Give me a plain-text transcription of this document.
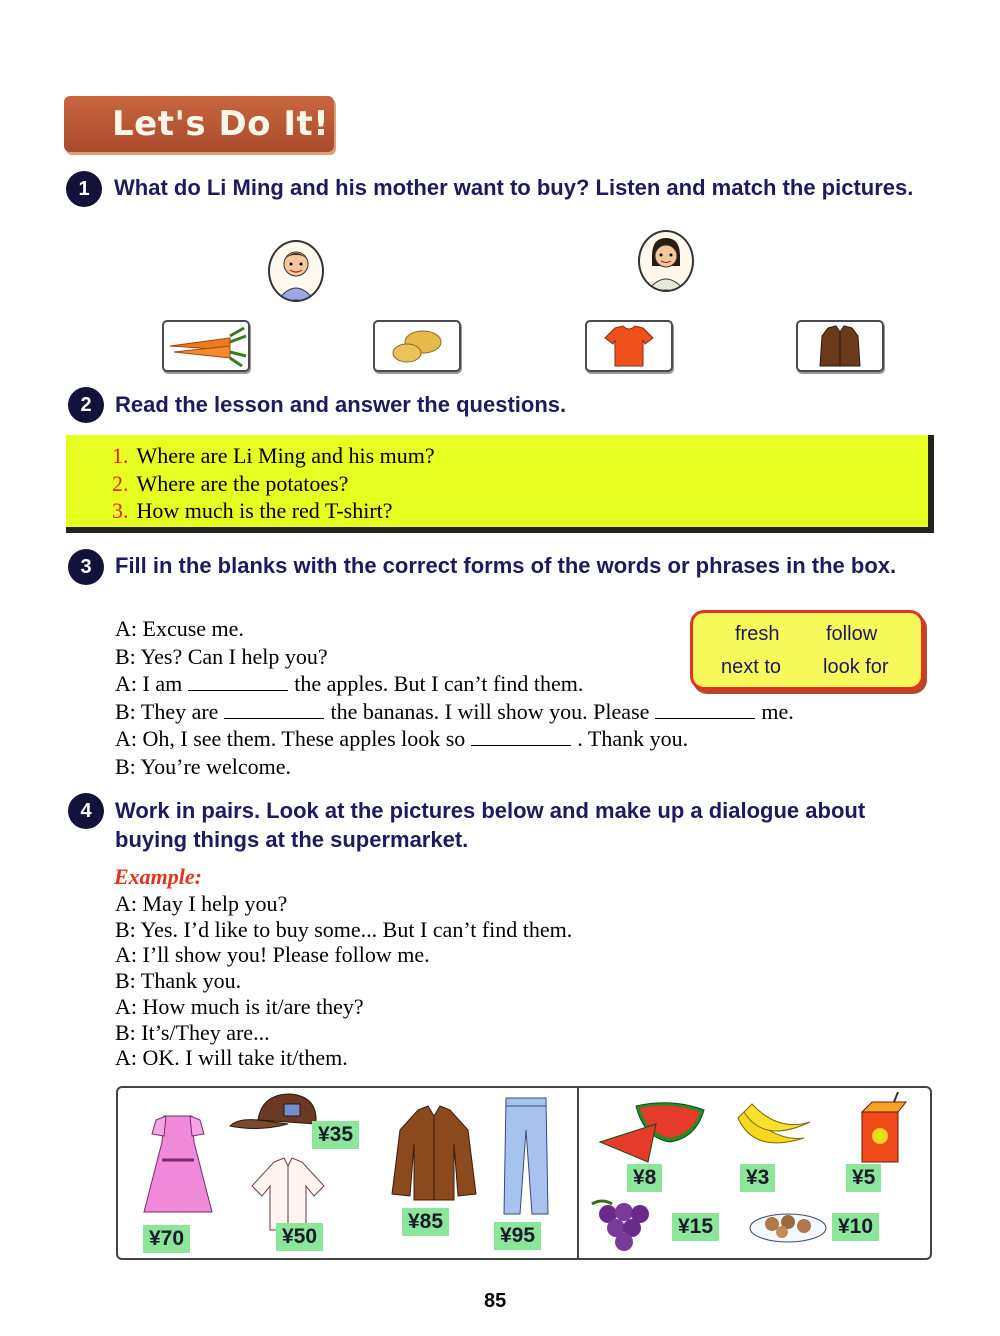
Let's Do It!
1	What do Li Ming and his mother want to buy? Listen and match the pictures.
2	Read the lesson and answer the questions.
1. Where are Li Ming and his mum?
2. Where are the potatoes?
3. How much is the red T-shirt?
3	Fill in the blanks with the correct forms of the words or phrases in the box.
fresh follow
next to look for
A: Excuse me.
B: Yes? Can I help you?
A: I am	the apples. But I can’t find them.
B: They are	the bananas. I will show you. Please	me.
A: Oh, I see them. These apples look so	. Thank you.
B: You’re welcome.
4	Work in pairs. Look at the pictures below and make up a dialogue about buying things at the supermarket.
Example:
A: May I help you?
B: Yes. I’d like to buy some... But I can’t find them.
A: I’ll show you! Please follow me.
B: Thank you.
A: How much is it/are they?
B: It’s/They are...
A: OK. I will take it/them.
¥70
¥35
¥50
¥85
¥95
¥8	¥3	¥5
¥15	¥10
85
